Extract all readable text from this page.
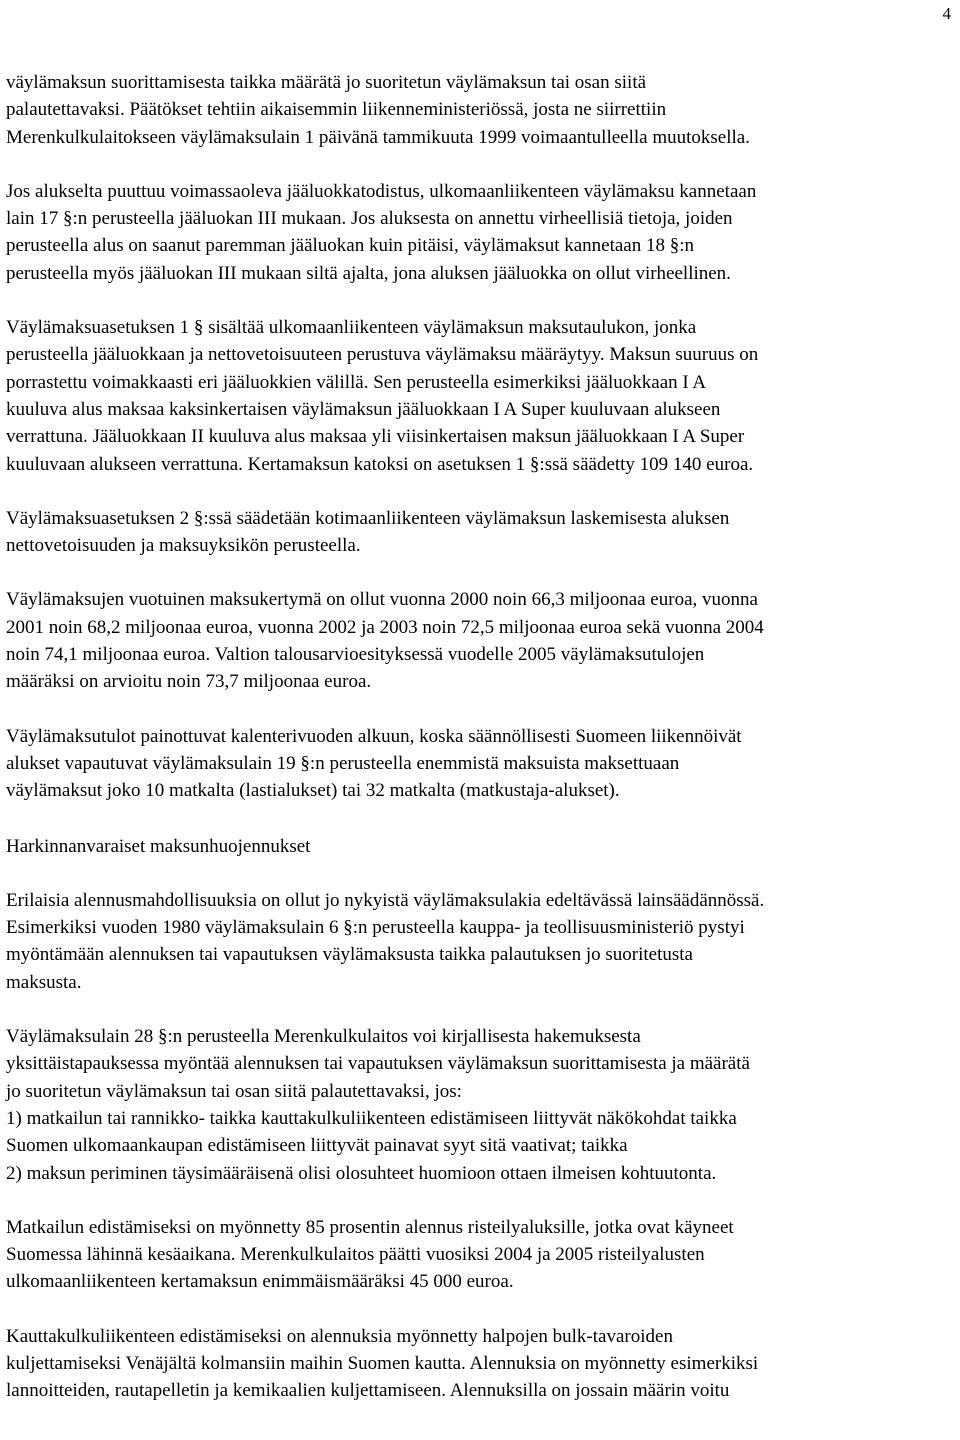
4
väylämaksun suorittamisesta taikka määrätä jo suoritetun väylämaksun tai osan siitä
palautettavaksi. Päätökset tehtiin aikaisemmin liikenneministeriössä, josta ne siirrettiin
Merenkulkulaitokseen väylämaksulain 1 päivänä tammikuuta 1999 voimaantulleella muutoksella.
Jos alukselta puuttuu voimassaoleva jääluokkatodistus, ulkomaanliikenteen väylämaksu kannetaan
lain 17 §:n perusteella jääluokan III mukaan. Jos aluksesta on annettu virheellisiä tietoja, joiden
perusteella alus on saanut paremman jääluokan kuin pitäisi, väylämaksut kannetaan 18 §:n
perusteella myös jääluokan III mukaan siltä ajalta, jona aluksen jääluokka on ollut virheellinen.
Väylämaksuasetuksen 1 § sisältää ulkomaanliikenteen väylämaksun maksutaulukon, jonka
perusteella jääluokkaan ja nettovetoisuuteen perustuva väylämaksu määräytyy. Maksun suuruus on
porrastettu voimakkaasti eri jääluokkien välillä. Sen perusteella esimerkiksi jääluokkaan I A
kuuluva alus maksaa kaksinkertaisen väylämaksun jääluokkaan I A Super kuuluvaan alukseen
verrattuna. Jääluokkaan II kuuluva alus maksaa yli viisinkertaisen maksun jääluokkaan I A Super
kuuluvaan alukseen verrattuna. Kertamaksun katoksi on asetuksen 1 §:ssä säädetty 109 140 euroa.
Väylämaksuasetuksen 2 §:ssä säädetään kotimaanliikenteen väylämaksun laskemisesta aluksen
nettovetoisuuden ja maksuyksikön perusteella.
Väylämaksujen vuotuinen maksukertymä on ollut vuonna 2000 noin 66,3 miljoonaa euroa, vuonna
2001 noin 68,2 miljoonaa euroa, vuonna 2002 ja 2003 noin 72,5 miljoonaa euroa sekä vuonna 2004
noin 74,1 miljoonaa euroa. Valtion talousarvioesityksessä vuodelle 2005 väylämaksutulojen
määräksi on arvioitu noin 73,7 miljoonaa euroa.
Väylämaksutulot painottuvat kalenterivuoden alkuun, koska säännöllisesti Suomeen liikennöivät
alukset vapautuvat väylämaksulain 19 §:n perusteella enemmistä maksuista maksettuaan
väylämaksut joko 10 matkalta (lastialukset) tai 32 matkalta (matkustaja-alukset).
Harkinnanvaraiset maksunhuojennukset
Erilaisia alennusmahdollisuuksia on ollut jo nykyistä väylämaksulakia edeltävässä lainsäädännössä.
Esimerkiksi vuoden 1980 väylämaksulain 6 §:n perusteella kauppa- ja teollisuusministeriö pystyi
myöntämään alennuksen tai vapautuksen väylämaksusta taikka palautuksen jo suoritetusta
maksusta.
Väylämaksulain 28 §:n perusteella Merenkulkulaitos voi kirjallisesta hakemuksesta
yksittäistapauksessa myöntää alennuksen tai vapautuksen väylämaksun suorittamisesta ja määrätä
jo suoritetun väylämaksun tai osan siitä palautettavaksi, jos:
1) matkailun tai rannikko- taikka kauttakulkuliikenteen edistämiseen liittyvät näkökohdat taikka
Suomen ulkomaankaupan edistämiseen liittyvät painavat syyt sitä vaativat; taikka
2) maksun periminen täysimääräisenä olisi olosuhteet huomioon ottaen ilmeisen kohtuutonta.
Matkailun edistämiseksi on myönnetty 85 prosentin alennus risteilyaluksille, jotka ovat käyneet
Suomessa lähinnä kesäaikana. Merenkulkulaitos päätti vuosiksi 2004 ja 2005 risteilyalusten
ulkomaanliikenteen kertamaksun enimmäismääräksi 45 000 euroa.
Kauttakulkuliikenteen edistämiseksi on alennuksia myönnetty halpojen bulk-tavaroiden
kuljettamiseksi Venäjältä kolmansiin maihin Suomen kautta. Alennuksia on myönnetty esimerkiksi
lannoitteiden, rautapelletin ja kemikaalien kuljettamiseen. Alennuksilla on jossain määrin voitu
